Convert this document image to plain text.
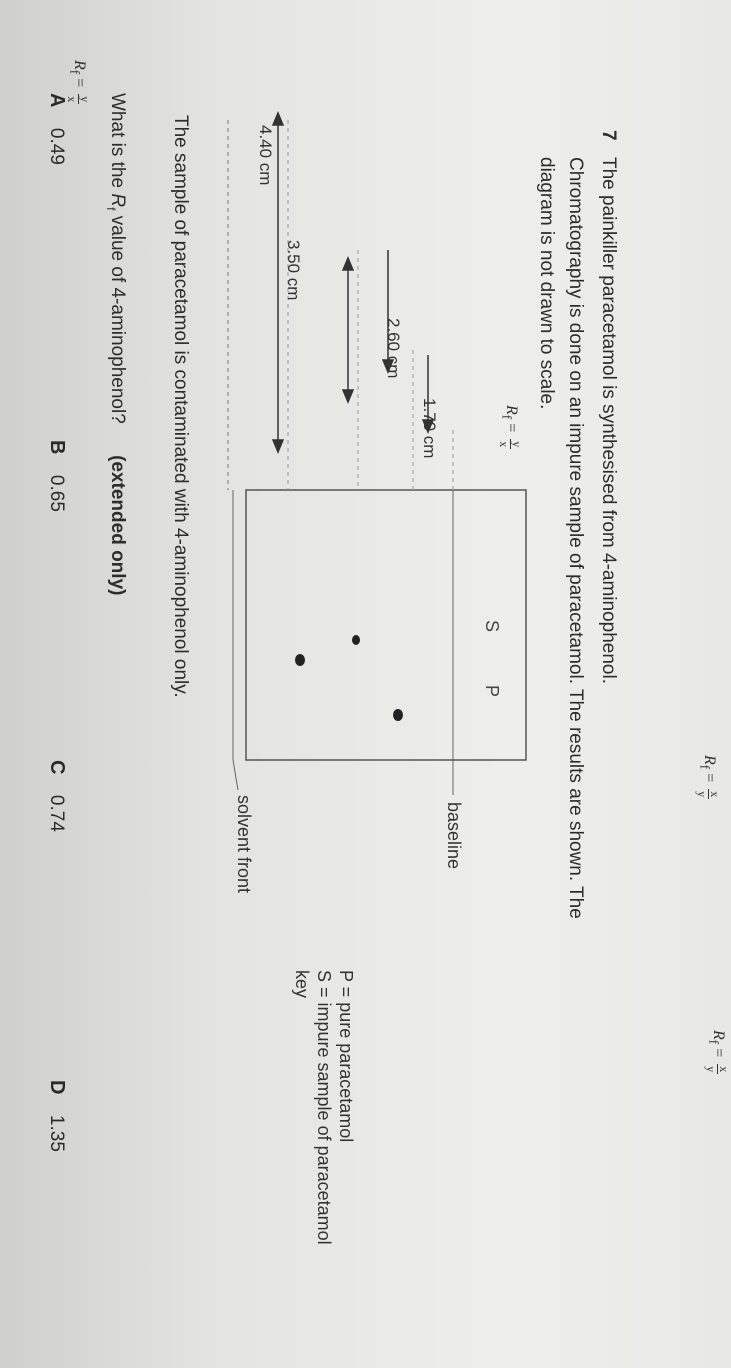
$R_f$ =
y
x
$R_f$ =
y
x
$R_f$ =
x
y
$R_f$ =
x
y
7
The painkiller paracetamol is synthesised from 4-aminophenol.
Chromatography is done on an impure sample of paracetamol. The results are shown. The
diagram is not drawn to scale.
4.40 cm
3.50 cm
2.60 cm
1.70 cm
S
P
solvent front	baseline
key S = impure sample of paracetamol P = pure paracetamol
The sample of paracetamol is contaminated with 4-aminophenol only.
What is the $R_f$ value of 4-aminophenol? (extended only)
A 0.49
B 0.65
C 0.74
D 1.35
